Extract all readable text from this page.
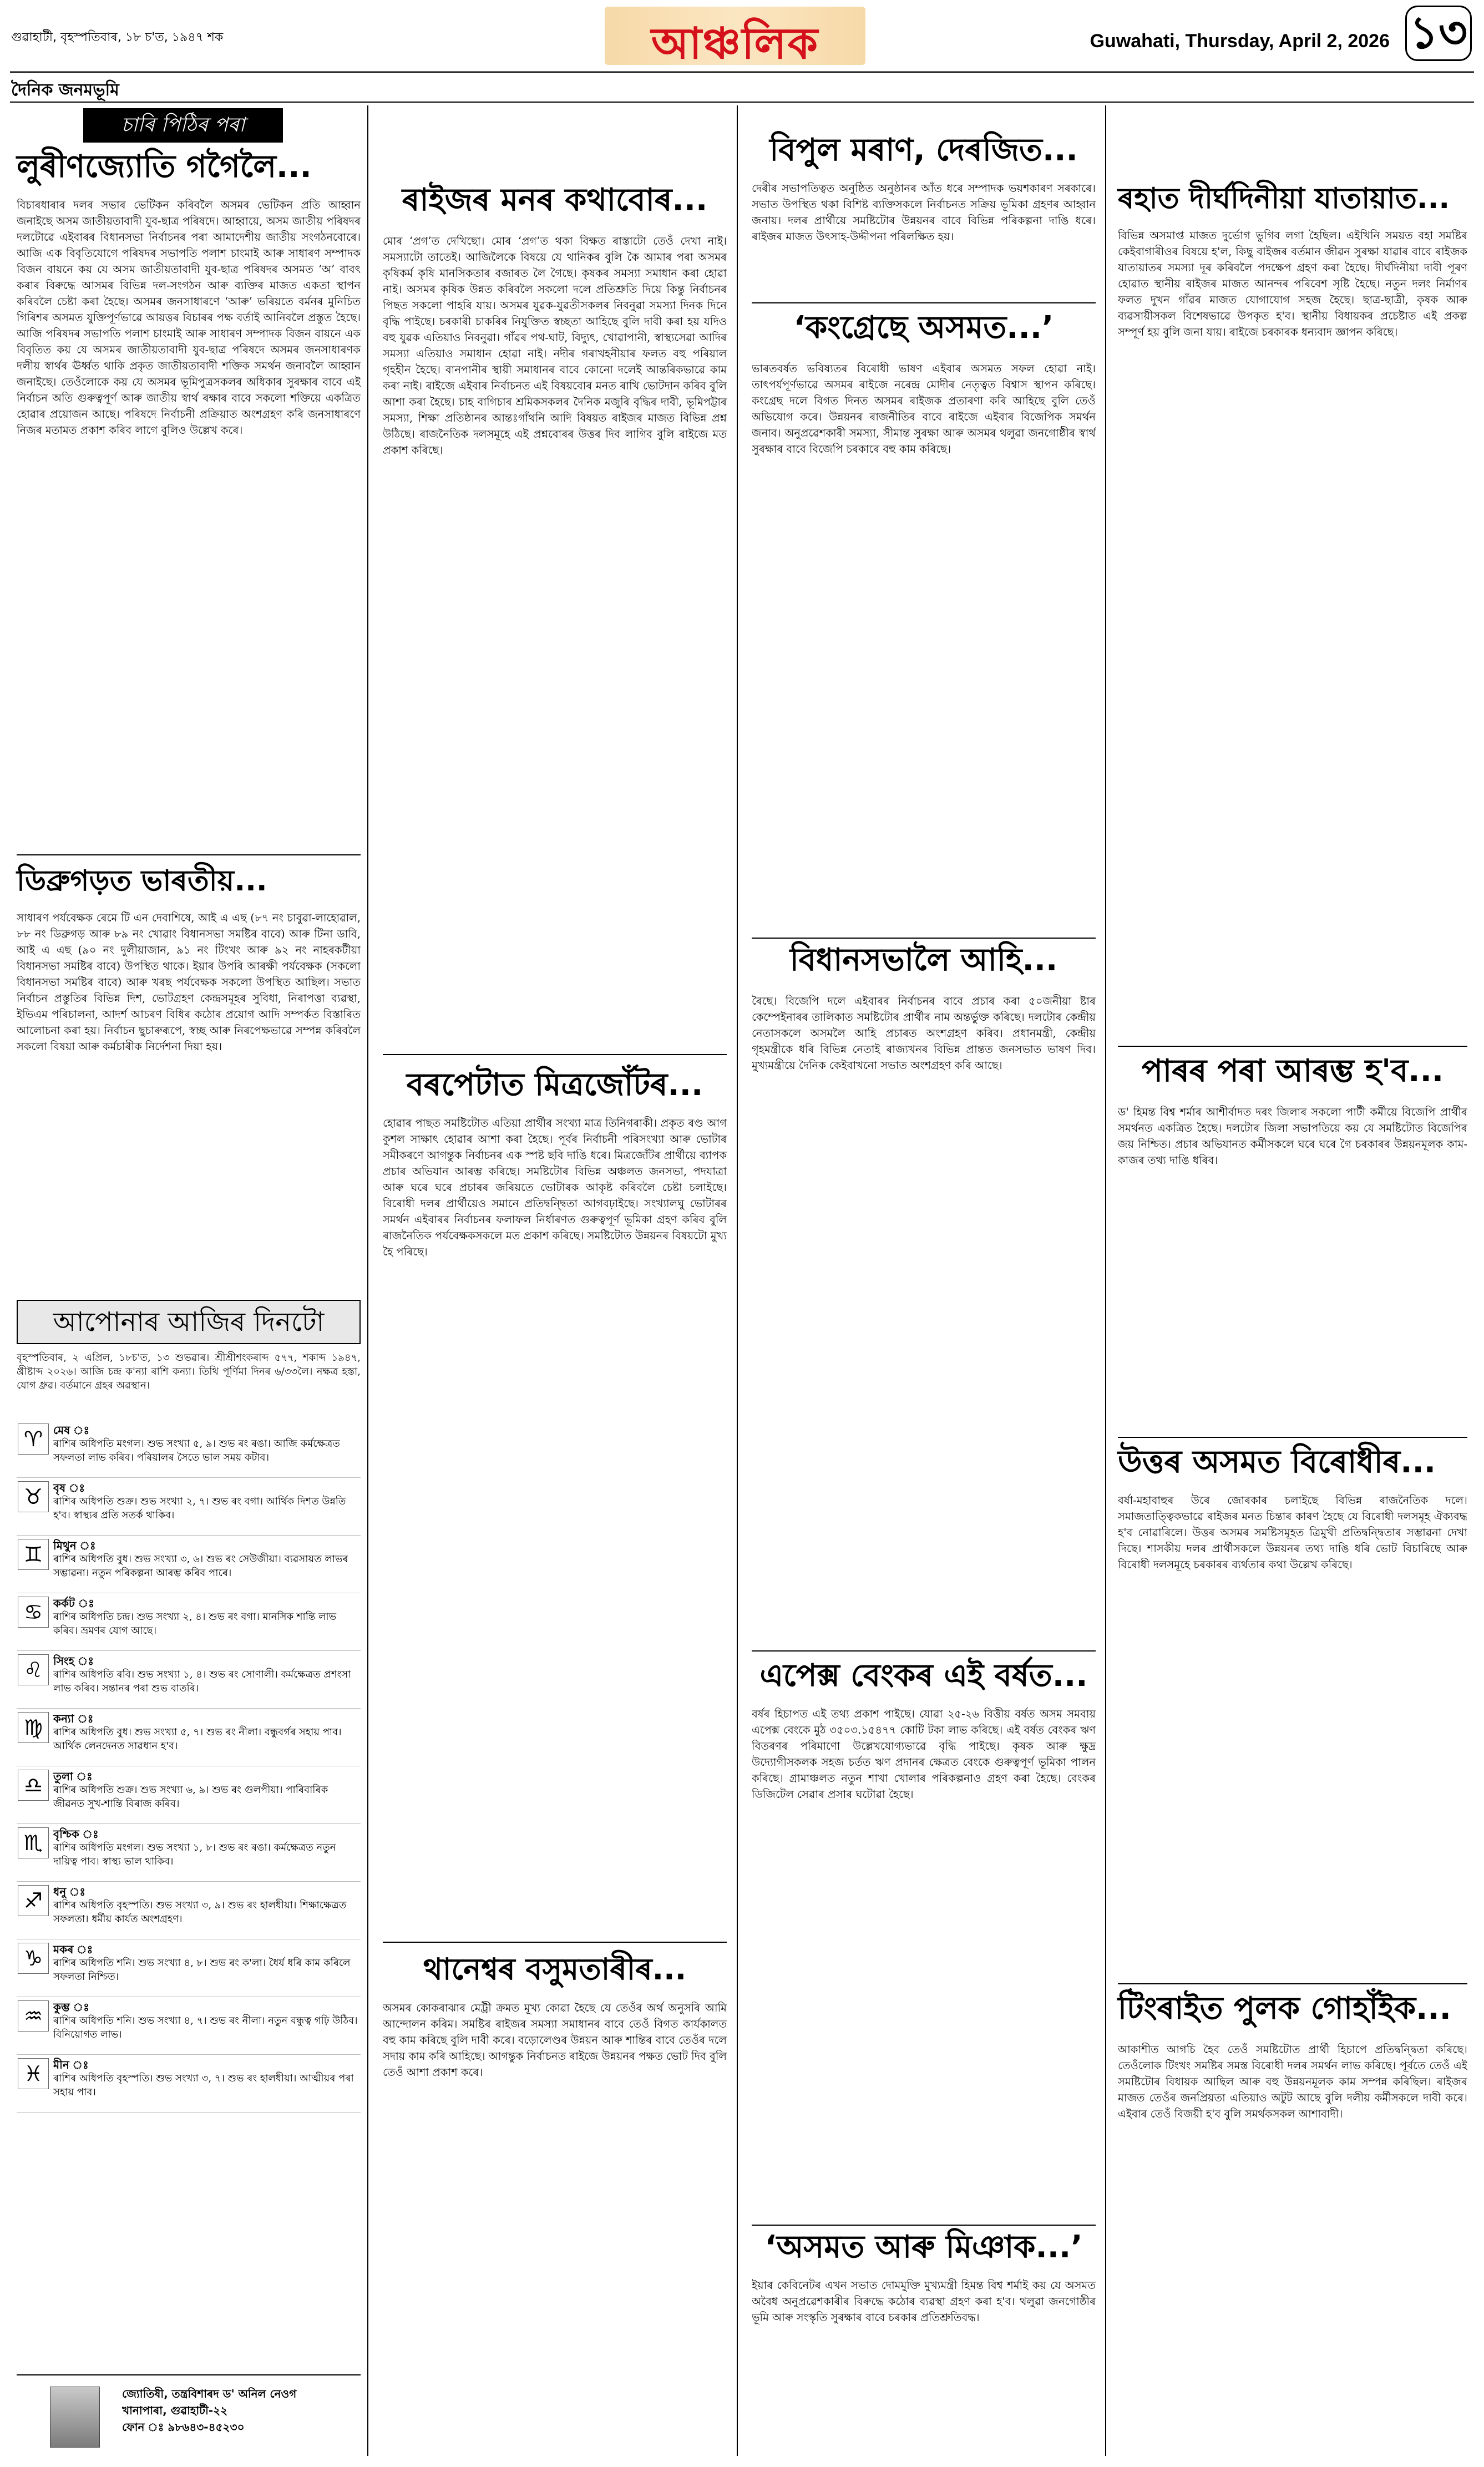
গুৱাহাটী, বৃহস্পতিবাৰ, ১৮ চ'ত, ১৯৪৭ শক	আঞ্চলিক	Guwahati, Thursday, April 2, 2026 ১৩
দৈনিক জনমভূমি
চাৰি পিঠিৰ পৰা
লুৰীণজ্যোতি গগৈলৈ...
বিচাৰধাৰাৰ দলৰ সভাৰ ভেটিকন কৰিবলৈ অসমৰ ভেটিকন প্ৰতি আহ্বান জনাইছে অসম জাতীয়তাবাদী যুব-ছাত্ৰ পৰিষদে। আহ্বায়ে, অসম জাতীয় পৰিষদৰ দলটোৱে এইবাৰৰ বিধানসভা নিৰ্বাচনৰ পৰা আমাদেশীয় জাতীয় সংগঠনবোৰে। আজি এক বিবৃতিযোগে পৰিষদৰ সভাপতি পলাশ চাংমাই আৰু সাধাৰণ সম্পাদক বিজন বায়নে কয় যে অসম জাতীয়তাবাদী যুব-ছাত্ৰ পৰিষদৰ অসমত ‘অ’ বাবৎ কৰাৰ বিৰুদ্ধে আসমৰ বিভিন্ন দল-সংগঠন আৰু ব্যক্তিৰ মাজত একতা স্থাপন কৰিবলৈ চেষ্টা কৰা হৈছে। অসমৰ জনসাধাৰণে ‘আৰু’ ভৰিয়তে বৰ্মনৰ মুনিচিত গিৰিশৰ অসমত যুক্তিপূৰ্ণভাৱে আয়ত্তৰ বিচাৰৰ পক্ষ বৰ্তাই আনিবলৈ প্ৰস্তুত হৈছে। আজি পৰিষদৰ সভাপতি পলাশ চাংমাই আৰু সাধাৰণ সম্পাদক বিজন বায়নে এক বিবৃতিত কয় যে অসমৰ জাতীয়তাবাদী যুব-ছাত্ৰ পৰিষদে অসমৰ জনসাধাৰণক দলীয় স্বাৰ্থৰ ঊৰ্ধ্বত থাকি প্ৰকৃত জাতীয়তাবাদী শক্তিক সমৰ্থন জনাবলৈ আহ্বান জনাইছে। তেওঁলোকে কয় যে অসমৰ ভূমিপুত্ৰসকলৰ অধিকাৰ সুৰক্ষাৰ বাবে এই নিৰ্বাচন অতি গুৰুত্বপূৰ্ণ আৰু জাতীয় স্বাৰ্থ ৰক্ষাৰ বাবে সকলো শক্তিয়ে একত্ৰিত হোৱাৰ প্ৰয়োজন আছে। পৰিষদে নিৰ্বাচনী প্ৰক্ৰিয়াত অংশগ্ৰহণ কৰি জনসাধাৰণে নিজৰ মতামত প্ৰকাশ কৰিব লাগে বুলিও উল্লেখ কৰে।
ডিব্ৰুগড়ত ভাৰতীয়...
সাধাৰণ পৰ্যবেক্ষক ৰেমে টি এন দেবাশিষে, আই এ এছ (৮৭ নং চাবুৱা-লাহোৱাল, ৮৮ নং ডিব্ৰুগড় আৰু ৮৯ নং খোৱাং বিধানসভা সমষ্টিৰ বাবে) আৰু টিনা ডাবি, আই এ এছ (৯০ নং দুলীয়াজান, ৯১ নং টিংখং আৰু ৯২ নং নাহৰকটীয়া বিধানসভা সমষ্টিৰ বাবে) উপস্থিত থাকে। ইয়াৰ উপৰি আৰক্ষী পৰ্যবেক্ষক (সকলো বিধানসভা সমষ্টিৰ বাবে) আৰু খৰছ পৰ্যবেক্ষক সকলো উপস্থিত আছিল। সভাত নিৰ্বাচন প্ৰস্তুতিৰ বিভিন্ন দিশ, ভোটগ্ৰহণ কেন্দ্ৰসমূহৰ সুবিধা, নিৰাপত্তা ব্যৱস্থা, ইভিএম পৰিচালনা, আদৰ্শ আচৰণ বিধিৰ কঠোৰ প্ৰয়োগ আদি সম্পৰ্কত বিস্তাৰিত আলোচনা কৰা হয়। নিৰ্বাচন ছুচাৰুৰূপে, স্বচ্ছ আৰু নিৰপেক্ষভাৱে সম্পন্ন কৰিবলৈ সকলো বিষয়া আৰু কৰ্মচাৰীক নিৰ্দেশনা দিয়া হয়।
আপোনাৰ আজিৰ দিনটো
বৃহস্পতিবাৰ, ২ এপ্ৰিল, ১৮চ'ত, ১৩ শুভৱাৰ। শ্ৰীশ্ৰীশংকৰাব্দ ৫৭৭, শকাব্দ ১৯৪৭, খ্ৰীষ্টাব্দ ২০২৬। আজি চন্দ্ৰ ক'ন্যা ৰাশি কন্যা। তিথি পূৰ্ণিমা দিনৰ ৬/৩৩লৈ। নক্ষত্ৰ হস্তা, যোগ ধ্ৰুৱ। বৰ্তমানে গ্ৰহৰ অৱস্থান।
♈ মেষ ঃ
ৰাশিৰ অধিপতি মংগল। শুভ সংখ্যা ৫, ৯। শুভ ৰং ৰঙা। আজি কৰ্মক্ষেত্ৰত সফলতা লাভ কৰিব। পৰিয়ালৰ সৈতে ভাল সময় কটাব।
♉ বৃষ ঃ
ৰাশিৰ অধিপতি শুক্ৰ। শুভ সংখ্যা ২, ৭। শুভ ৰং বগা। আৰ্থিক দিশত উন্নতি হ'ব। স্বাস্থ্যৰ প্ৰতি সতৰ্ক থাকিব।
♊ মিথুন ঃ
ৰাশিৰ অধিপতি বুধ। শুভ সংখ্যা ৩, ৬। শুভ ৰং সেউজীয়া। ব্যৱসায়ত লাভৰ সম্ভাৱনা। নতুন পৰিকল্পনা আৰম্ভ কৰিব পাৰে।
♋ কৰ্কট ঃ
ৰাশিৰ অধিপতি চন্দ্ৰ। শুভ সংখ্যা ২, ৪। শুভ ৰং বগা। মানসিক শান্তি লাভ কৰিব। ভ্ৰমণৰ যোগ আছে।
♌ সিংহ ঃ
ৰাশিৰ অধিপতি ৰবি। শুভ সংখ্যা ১, ৪। শুভ ৰং সোণালী। কৰ্মক্ষেত্ৰত প্ৰশংসা লাভ কৰিব। সন্তানৰ পৰা শুভ বাতৰি।
♍ কন্যা ঃ
ৰাশিৰ অধিপতি বুধ। শুভ সংখ্যা ৫, ৭। শুভ ৰং নীলা। বন্ধুবৰ্গৰ সহায় পাব। আৰ্থিক লেনদেনত সাৱধান হ'ব।
♎ তুলা ঃ
ৰাশিৰ অধিপতি শুক্ৰ। শুভ সংখ্যা ৬, ৯। শুভ ৰং গুলপীয়া। পাৰিবাৰিক জীৱনত সুখ-শান্তি বিৰাজ কৰিব।
♏ বৃশ্চিক ঃ
ৰাশিৰ অধিপতি মংগল। শুভ সংখ্যা ১, ৮। শুভ ৰং ৰঙা। কৰ্মক্ষেত্ৰত নতুন দায়িত্ব পাব। স্বাস্থ্য ভাল থাকিব।
♐ ধনু ঃ
ৰাশিৰ অধিপতি বৃহস্পতি। শুভ সংখ্যা ৩, ৯। শুভ ৰং হালধীয়া। শিক্ষাক্ষেত্ৰত সফলতা। ধৰ্মীয় কাৰ্যত অংশগ্ৰহণ।
♑ মকৰ ঃ
ৰাশিৰ অধিপতি শনি। শুভ সংখ্যা ৪, ৮। শুভ ৰং ক'লা। ধৈৰ্য ধৰি কাম কৰিলে সফলতা নিশ্চিত।
♒ কুম্ভ ঃ
ৰাশিৰ অধিপতি শনি। শুভ সংখ্যা ৪, ৭। শুভ ৰং নীলা। নতুন বন্ধুত্ব গঢ়ি উঠিব। বিনিয়োগত লাভ।
♓ মীন ঃ
ৰাশিৰ অধিপতি বৃহস্পতি। শুভ সংখ্যা ৩, ৭। শুভ ৰং হালধীয়া। আত্মীয়ৰ পৰা সহায় পাব।
জ্যোতিষী, তন্ত্ৰবিশাৰদ ড' অনিল নেওগ
খানাপাৰা, গুৱাহাটী-২২
ফোন ঃ ৯৮৬৪৩-৪৫২৩০
ৰাইজৰ মনৰ কথাবোৰ...
মোৰ ‘প্ৰগ’ত দেখিছো। মোৰ ‘প্ৰগ’ত থকা বিক্ষত ৰাস্তাটো তেওঁ দেখা নাই। সমস্যাটো তাতেই। আজিলৈকে বিষয়ে যে থানিকৰ বুলি কৈ আমাৰ পৰা অসমৰ কৃষিকৰ্ম কৃষি মানসিকতাৰ বজাৰত লৈ গৈছে। কৃষকৰ সমস্যা সমাধান কৰা হোৱা নাই। অসমৰ কৃষিক উন্নত কৰিবলৈ সকলো দলে প্ৰতিশ্ৰুতি দিয়ে কিন্তু নিৰ্বাচনৰ পিছত সকলো পাহৰি যায়। অসমৰ যুৱক-যুৱতীসকলৰ নিবনুৱা সমস্যা দিনক দিনে বৃদ্ধি পাইছে। চৰকাৰী চাকৰিৰ নিযুক্তিত স্বচ্ছতা আহিছে বুলি দাবী কৰা হয় যদিও বহু যুৱক এতিয়াও নিবনুৱা। গাঁৱৰ পথ-ঘাট, বিদ্যুৎ, খোৱাপানী, স্বাস্থ্যসেৱা আদিৰ সমস্যা এতিয়াও সমাধান হোৱা নাই। নদীৰ গৰাখহনীয়াৰ ফলত বহু পৰিয়াল গৃহহীন হৈছে। বানপানীৰ স্থায়ী সমাধানৰ বাবে কোনো দলেই আন্তৰিকভাৱে কাম কৰা নাই। ৰাইজে এইবাৰ নিৰ্বাচনত এই বিষয়বোৰ মনত ৰাখি ভোটদান কৰিব বুলি আশা কৰা হৈছে। চাহ বাগিচাৰ শ্ৰমিকসকলৰ দৈনিক মজুৰি বৃদ্ধিৰ দাবী, ভূমিপট্টাৰ সমস্যা, শিক্ষা প্ৰতিষ্ঠানৰ আন্তঃগাঁথনি আদি বিষয়ত ৰাইজৰ মাজত বিভিন্ন প্ৰশ্ন উঠিছে। ৰাজনৈতিক দলসমূহে এই প্ৰশ্নবোৰৰ উত্তৰ দিব লাগিব বুলি ৰাইজে মত প্ৰকাশ কৰিছে।
বৰপেটাত মিত্ৰজোঁটৰ...
হোৱাৰ পাছত সমষ্টিটোত এতিয়া প্ৰাৰ্থীৰ সংখ্যা মাত্ৰ তিনিগৰাকী। প্ৰকৃত ৰণ্ড আগ কুশল সাক্ষাৎ হোৱাৰ আশা কৰা হৈছে। পূৰ্বৰ নিৰ্বাচনী পৰিসংখ্যা আৰু ভোটাৰ সমীকৰণে আগন্তুক নিৰ্বাচনৰ এক স্পষ্ট ছবি দাঙি ধৰে। মিত্ৰজোঁটৰ প্ৰাৰ্থীয়ে ব্যাপক প্ৰচাৰ অভিযান আৰম্ভ কৰিছে। সমষ্টিটোৰ বিভিন্ন অঞ্চলত জনসভা, পদযাত্ৰা আৰু ঘৰে ঘৰে প্ৰচাৰৰ জৰিয়তে ভোটাৰক আকৃষ্ট কৰিবলৈ চেষ্টা চলাইছে। বিৰোধী দলৰ প্ৰাৰ্থীয়েও সমানে প্ৰতিদ্বন্দ্বিতা আগবঢ়াইছে। সংখ্যালঘু ভোটাৰৰ সমৰ্থন এইবাৰৰ নিৰ্বাচনৰ ফলাফল নিৰ্ধাৰণত গুৰুত্বপূৰ্ণ ভূমিকা গ্ৰহণ কৰিব বুলি ৰাজনৈতিক পৰ্যবেক্ষকসকলে মত প্ৰকাশ কৰিছে। সমষ্টিটোত উন্নয়নৰ বিষয়টো মুখ্য হৈ পৰিছে।
থানেশ্বৰ বসুমতাৰীৰ...
অসমৰ কোকৰাঝাৰ মেট্ৰী ক্ৰমত মূখ্য কোৱা হৈছে যে তেওঁৰ অৰ্থ অনুসৰি আমি আন্দোলন কৰিম। সমষ্টিৰ ৰাইজৰ সমস্যা সমাধানৰ বাবে তেওঁ বিগত কাৰ্যকালত বহু কাম কৰিছে বুলি দাবী কৰে। বড়োলেণ্ডৰ উন্নয়ন আৰু শান্তিৰ বাবে তেওঁৰ দলে সদায় কাম কৰি আহিছে। আগন্তুক নিৰ্বাচনত ৰাইজে উন্নয়নৰ পক্ষত ভোট দিব বুলি তেওঁ আশা প্ৰকাশ কৰে।
বিপুল মৰাণ, দেৰজিত...
দেৰীৰ সভাপতিত্বত অনুষ্ঠিত অনুষ্ঠানৰ আঁত ধৰে সম্পাদক ভয়শকাৰণ সৰকাৰে। সভাত উপস্থিত থকা বিশিষ্ট ব্যক্তিসকলে নিৰ্বাচনত সক্ৰিয় ভূমিকা গ্ৰহণৰ আহ্বান জনায়। দলৰ প্ৰাৰ্থীয়ে সমষ্টিটোৰ উন্নয়নৰ বাবে বিভিন্ন পৰিকল্পনা দাঙি ধৰে। ৰাইজৰ মাজত উৎসাহ-উদ্দীপনা পৰিলক্ষিত হয়।
‘কংগ্ৰেছে অসমত...’
ভাৰতবৰ্ষত ভবিষ্যতৰ বিৰোধী ভাষণ এইবাৰ অসমত সফল হোৱা নাই। তাৎপৰ্যপূৰ্ণভাৱে অসমৰ ৰাইজে নৰেন্দ্ৰ মোদীৰ নেতৃত্বত বিশ্বাস স্থাপন কৰিছে। কংগ্ৰেছ দলে বিগত দিনত অসমৰ ৰাইজক প্ৰতাৰণা কৰি আহিছে বুলি তেওঁ অভিযোগ কৰে। উন্নয়নৰ ৰাজনীতিৰ বাবে ৰাইজে এইবাৰ বিজেপিক সমৰ্থন জনাব। অনুপ্ৰৱেশকাৰী সমস্যা, সীমান্ত সুৰক্ষা আৰু অসমৰ থলুৱা জনগোষ্ঠীৰ স্বাৰ্থ সুৰক্ষাৰ বাবে বিজেপি চৰকাৰে বহু কাম কৰিছে।
বিধানসভালৈ আহি...
ৰৈছে। বিজেপি দলে এইবাৰৰ নিৰ্বাচনৰ বাবে প্ৰচাৰ কৰা ৫০জনীয়া ষ্টাৰ কেম্পেইনাৰৰ তালিকাত সমষ্টিটোৰ প্ৰাৰ্থীৰ নাম অন্তৰ্ভুক্ত কৰিছে। দলটোৰ কেন্দ্ৰীয় নেতাসকলে অসমলৈ আহি প্ৰচাৰত অংশগ্ৰহণ কৰিব। প্ৰধানমন্ত্ৰী, কেন্দ্ৰীয় গৃহমন্ত্ৰীকে ধৰি বিভিন্ন নেতাই ৰাজ্যখনৰ বিভিন্ন প্ৰান্তত জনসভাত ভাষণ দিব। মুখ্যমন্ত্ৰীয়ে দৈনিক কেইবাখনো সভাত অংশগ্ৰহণ কৰি আছে।
এপেক্স বেংকৰ এই বৰ্ষত...
বৰ্ষৰ হিচাপত এই তথ্য প্ৰকাশ পাইছে। যোৱা ২৫-২৬ বিত্তীয় বৰ্ষত অসম সমবায় এপেক্স বেংকে মুঠ ৩৫০৩.১৫৪৭৭ কোটি টকা লাভ কৰিছে। এই বৰ্ষত বেংকৰ ঋণ বিতৰণৰ পৰিমাণো উল্লেখযোগ্যভাৱে বৃদ্ধি পাইছে। কৃষক আৰু ক্ষুদ্ৰ উদ্যোগীসকলক সহজ চৰ্তত ঋণ প্ৰদানৰ ক্ষেত্ৰত বেংকে গুৰুত্বপূৰ্ণ ভূমিকা পালন কৰিছে। গ্ৰামাঞ্চলত নতুন শাখা খোলাৰ পৰিকল্পনাও গ্ৰহণ কৰা হৈছে। বেংকৰ ডিজিটেল সেৱাৰ প্ৰসাৰ ঘটোৱা হৈছে।
‘অসমত আৰু মিঞাক...’
ইয়াৰ কেবিনেটৰ এখন সভাত দোমমুক্তি মুখ্যমন্ত্ৰী হিমন্ত বিশ্ব শৰ্মাই কয় যে অসমত অবৈধ অনুপ্ৰৱেশকাৰীৰ বিৰুদ্ধে কঠোৰ ব্যৱস্থা গ্ৰহণ কৰা হ'ব। থলুৱা জনগোষ্ঠীৰ ভূমি আৰু সংস্কৃতি সুৰক্ষাৰ বাবে চৰকাৰ প্ৰতিশ্ৰুতিবদ্ধ।
ৰহাত দীৰ্ঘদিনীয়া যাতায়াত...
বিভিন্ন অসমাপ্ত মাজত দুৰ্ভোগ ভুগিব লগা হৈছিল। এইখিনি সময়ত বহা সমষ্টিৰ কেইবাগাৰীওৰ বিষয়ে হ'ল, কিছু বাইজৰ বৰ্তমান জীৱন সুৰক্ষা যাৱাৰ বাবে ৰাইজক যাতায়াতৰ সমস্যা দূৰ কৰিবলৈ পদক্ষেপ গ্ৰহণ কৰা হৈছে। দীৰ্ঘদিনীয়া দাবী পূৰণ হোৱাত স্থানীয় ৰাইজৰ মাজত আনন্দৰ পৰিবেশ সৃষ্টি হৈছে। নতুন দলং নিৰ্মাণৰ ফলত দুখন গাঁৱৰ মাজত যোগাযোগ সহজ হৈছে। ছাত্ৰ-ছাত্ৰী, কৃষক আৰু ব্যৱসায়ীসকল বিশেষভাৱে উপকৃত হ'ব। স্থানীয় বিধায়কৰ প্ৰচেষ্টাত এই প্ৰকল্প সম্পূৰ্ণ হয় বুলি জনা যায়। ৰাইজে চৰকাৰক ধন্যবাদ জ্ঞাপন কৰিছে।
পাৰৰ পৰা আৰম্ভ হ'ব...
ড' হিমন্ত বিশ্ব শৰ্মাৰ আশীৰ্বাদত দৰং জিলাৰ সকলো পাৰ্টী কৰ্মীয়ে বিজেপি প্ৰাৰ্থীৰ সমৰ্থনত একত্ৰিত হৈছে। দলটোৰ জিলা সভাপতিয়ে কয় যে সমষ্টিটোত বিজেপিৰ জয় নিশ্চিত। প্ৰচাৰ অভিযানত কৰ্মীসকলে ঘৰে ঘৰে গৈ চৰকাৰৰ উন্নয়নমূলক কাম-কাজৰ তথ্য দাঙি ধৰিব।
উত্তৰ অসমত বিৰোধীৰ...
বৰ্ষা-মহাবাহুৰ উৰে জোৰকাৰ চলাইছে বিভিন্ন ৰাজনৈতিক দলে। সমাজতাত্ত্বিকভাৱে ৰাইজৰ মনত চিন্তাৰ কাৰণ হৈছে যে বিৰোধী দলসমূহ ঐক্যবদ্ধ হ'ব নোৱাৰিলে। উত্তৰ অসমৰ সমষ্টিসমূহত ত্ৰিমুখী প্ৰতিদ্বন্দ্বিতাৰ সম্ভাৱনা দেখা দিছে। শাসকীয় দলৰ প্ৰাৰ্থীসকলে উন্নয়নৰ তথ্য দাঙি ধৰি ভোট বিচাৰিছে আৰু বিৰোধী দলসমূহে চৰকাৰৰ ব্যৰ্থতাৰ কথা উল্লেখ কৰিছে।
টিংৰাইত পুলক গোহাঁইক...
আকাশীত আগচি হৈব তেওঁ সমষ্টিটোত প্ৰাৰ্থী হিচাপে প্ৰতিদ্বন্দ্বিতা কৰিছে। তেওঁলোক টিংখং সমষ্টিৰ সমস্ত বিৰোধী দলৰ সমৰ্থন লাভ কৰিছে। পূৰ্বতে তেওঁ এই সমষ্টিটোৰ বিধায়ক আছিল আৰু বহু উন্নয়নমূলক কাম সম্পন্ন কৰিছিল। ৰাইজৰ মাজত তেওঁৰ জনপ্ৰিয়তা এতিয়াও অটুট আছে বুলি দলীয় কৰ্মীসকলে দাবী কৰে। এইবাৰ তেওঁ বিজয়ী হ'ব বুলি সমৰ্থকসকল আশাবাদী।
